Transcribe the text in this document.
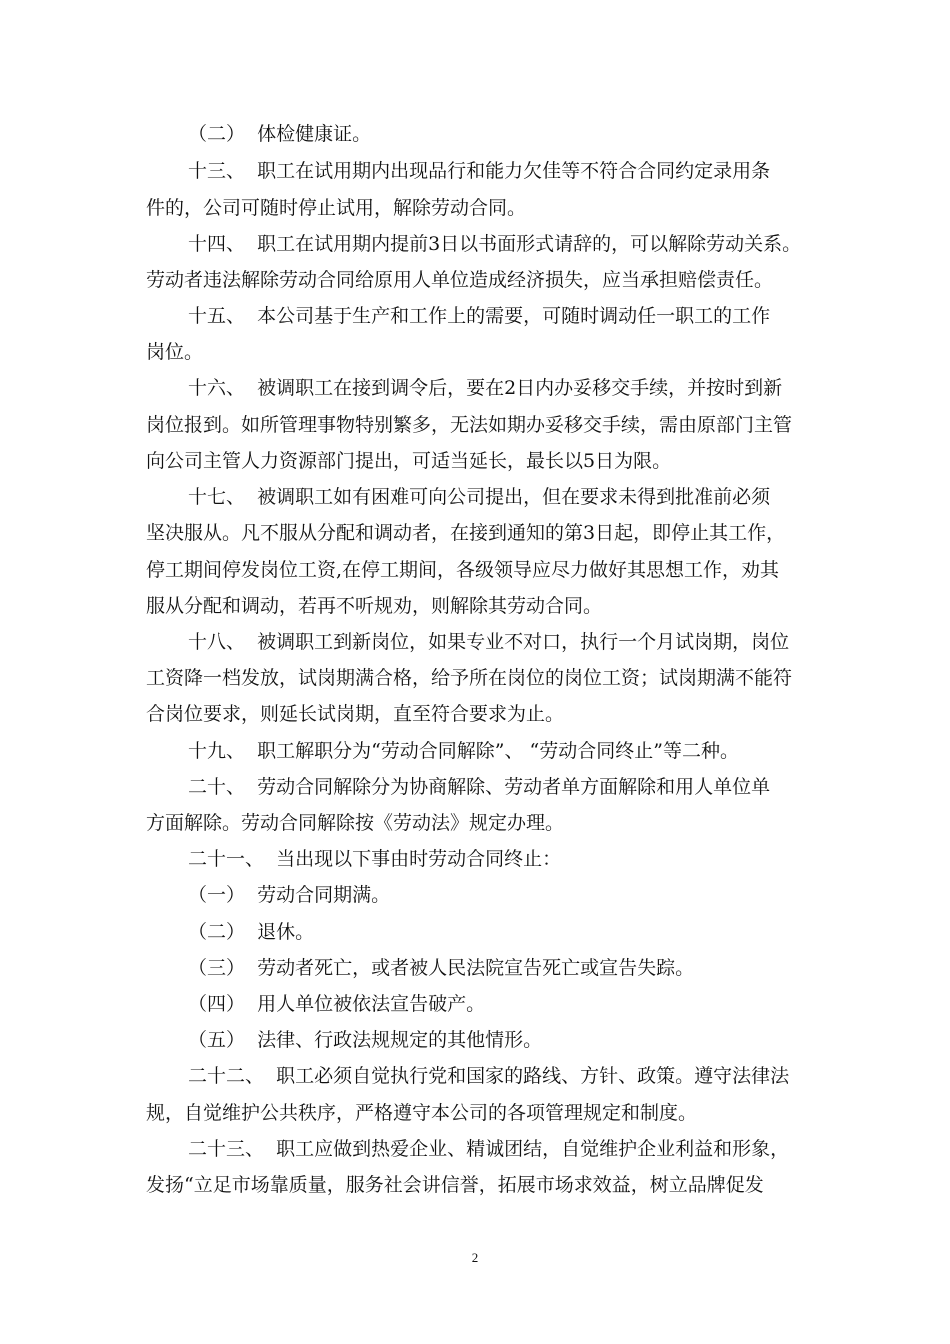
（二）  体检健康证。
十三、  职工在试用期内出现品行和能力欠佳等不符合合同约定录用条
件的，公司可随时停止试用，解除劳动合同。
十四、  职工在试用期内提前3日以书面形式请辞的，可以解除劳动关系。
劳动者违法解除劳动合同给原用人单位造成经济损失，应当承担赔偿责任。
十五、  本公司基于生产和工作上的需要，可随时调动任一职工的工作
岗位。
十六、  被调职工在接到调令后，要在2日内办妥移交手续，并按时到新
岗位报到。如所管理事物特别繁多，无法如期办妥移交手续，需由原部门主管
向公司主管人力资源部门提出，可适当延长，最长以5日为限。
十七、  被调职工如有困难可向公司提出，但在要求未得到批准前必须
坚决服从。凡不服从分配和调动者，在接到通知的第3日起，即停止其工作，
停工期间停发岗位工资,在停工期间，各级领导应尽力做好其思想工作，劝其
服从分配和调动，若再不听规劝，则解除其劳动合同。
十八、  被调职工到新岗位，如果专业不对口，执行一个月试岗期，岗位
工资降一档发放，试岗期满合格，给予所在岗位的岗位工资；试岗期满不能符
合岗位要求，则延长试岗期，直至符合要求为止。
十九、  职工解职分为“劳动合同解除”、 “劳动合同终止”等二种。
二十、  劳动合同解除分为协商解除、劳动者单方面解除和用人单位单
方面解除。劳动合同解除按《劳动法》规定办理。
二十一、  当出现以下事由时劳动合同终止：
（一）  劳动合同期满。
（二）  退休。
（三）  劳动者死亡，或者被人民法院宣告死亡或宣告失踪。
（四）  用人单位被依法宣告破产。
（五）  法律、行政法规规定的其他情形。
二十二、  职工必须自觉执行党和国家的路线、方针、政策。遵守法律法
规，自觉维护公共秩序，严格遵守本公司的各项管理规定和制度。
二十三、  职工应做到热爱企业、精诚团结，自觉维护企业利益和形象，
发扬“立足市场靠质量，服务社会讲信誉，拓展市场求效益，树立品牌促发
2
